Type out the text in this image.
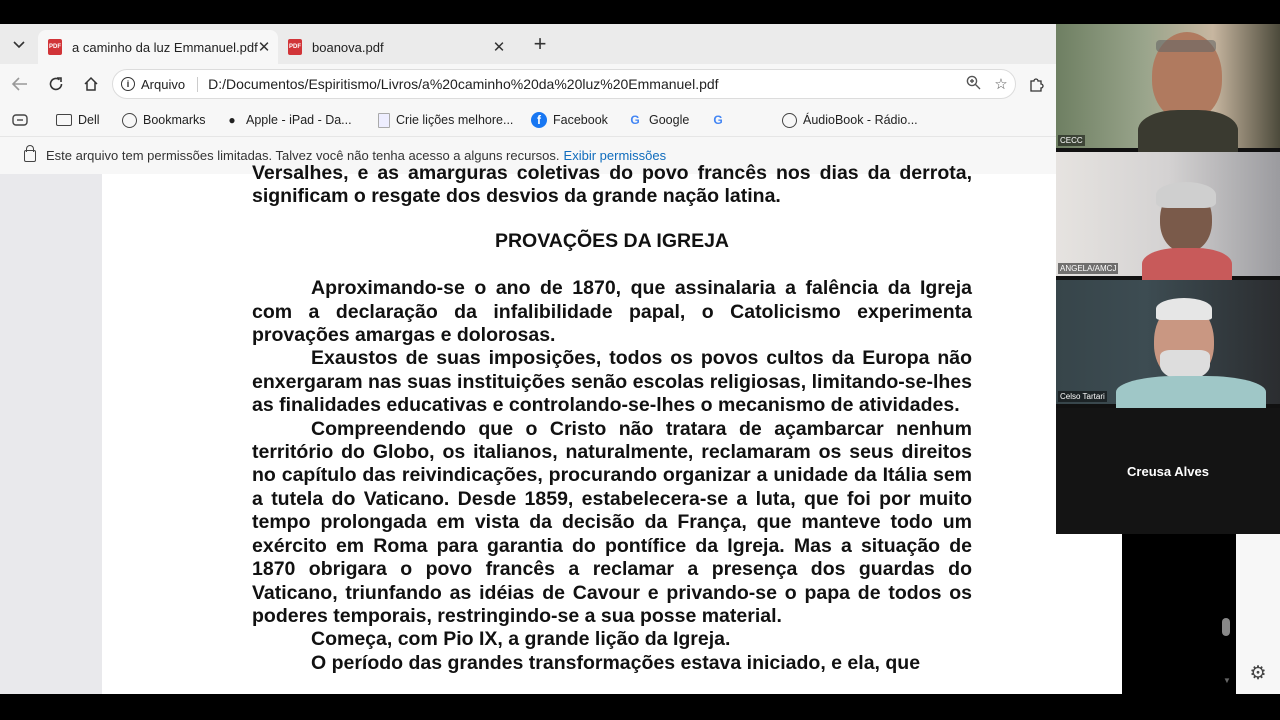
PDF a caminho da luz Emmanuel.pdf ✕	PDF boanova.pdf	✕ +
i Arquivo	D:/Documentos/Espiritismo/Livros/a%20caminho%20da%20luz%20Emmanuel.pdf	☆
Dell	Bookmarks	● Apple - iPad - Da...	Crie lições melhore...	f Facebook G Google G	ÁudioBook - Rádio...
Este arquivo tem permissões limitadas. Talvez você não tenha acesso a alguns recursos. Exibir permissões

Versalhes, e as amarguras coletivas do povo francês nos dias da derrota, significam o resgate dos desvios da grande nação latina.

PROVAÇÕES DA IGREJA

Aproximando-se o ano de 1870, que assinalaria a falência da Igreja com a declaração da infalibilidade papal, o Catolicismo experimenta provações amargas e dolorosas.

Exaustos de suas imposições, todos os povos cultos da Europa não enxergaram nas suas instituições senão escolas religiosas, limitando-se-lhes as finalidades educativas e controlando-se-lhes o mecanismo de atividades.

Compreendendo que o Cristo não tratara de açambarcar nenhum território do Globo, os italianos, naturalmente, reclamaram os seus direitos no capítulo das reivindicações, procurando organizar a unidade da Itália sem a tutela do Vaticano. Desde 1859, estabelecera-se a luta, que foi por muito tempo prolongada em vista da decisão da França, que manteve todo um exército em Roma para garantia do pontífice da Igreja. Mas a situação de 1870 obrigara o povo francês a reclamar a presença dos guardas do Vaticano, triunfando as idéias de Cavour e privando-se o papa de todos os poderes temporais, restringindo-se a sua posse material.

Começa, com Pio IX, a grande lição da Igreja.

O período das grandes transformações estava iniciado, e ela, que

CECC
ANGELA/AMCJ
Celso Tartari
Creusa Alves
▼ ⚙
